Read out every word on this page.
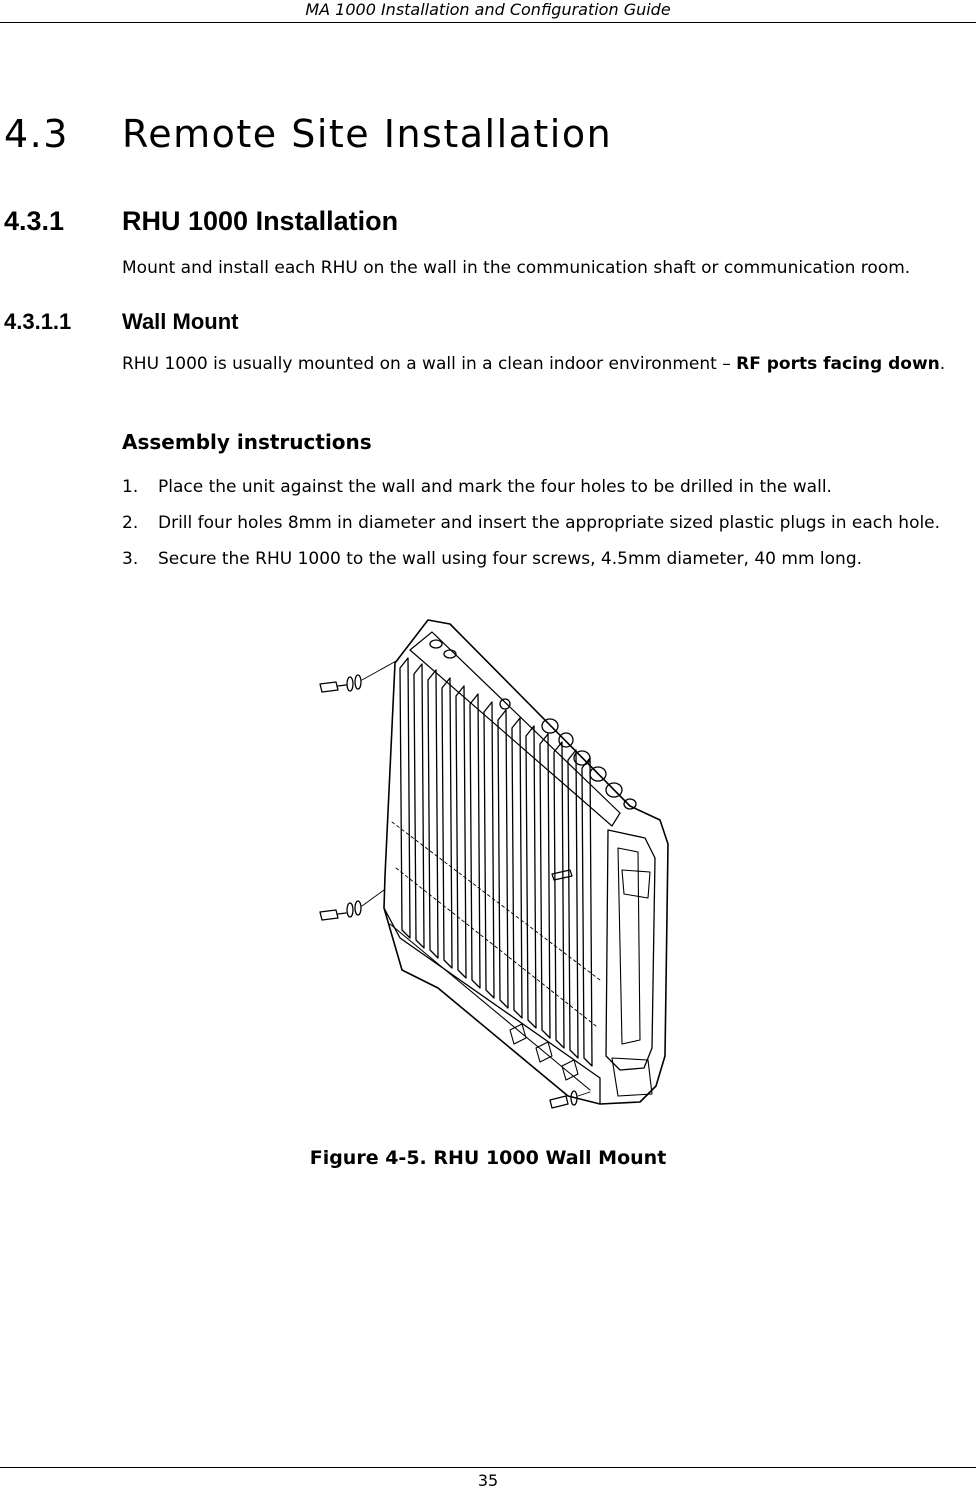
MA 1000 Installation and Configuration Guide
4.3 Remote Site Installation
4.3.1 RHU 1000 Installation
Mount and install each RHU on the wall in the communication shaft or communication room.
4.3.1.1 Wall Mount
RHU 1000 is usually mounted on a wall in a clean indoor environment – RF ports facing down.
Assembly instructions
1. Place the unit against the wall and mark the four holes to be drilled in the wall.
2. Drill four holes 8mm in diameter and insert the appropriate sized plastic plugs in each hole.
3. Secure the RHU 1000 to the wall using four screws, 4.5mm diameter, 40 mm long.
Figure 4-5. RHU 1000 Wall Mount
35
